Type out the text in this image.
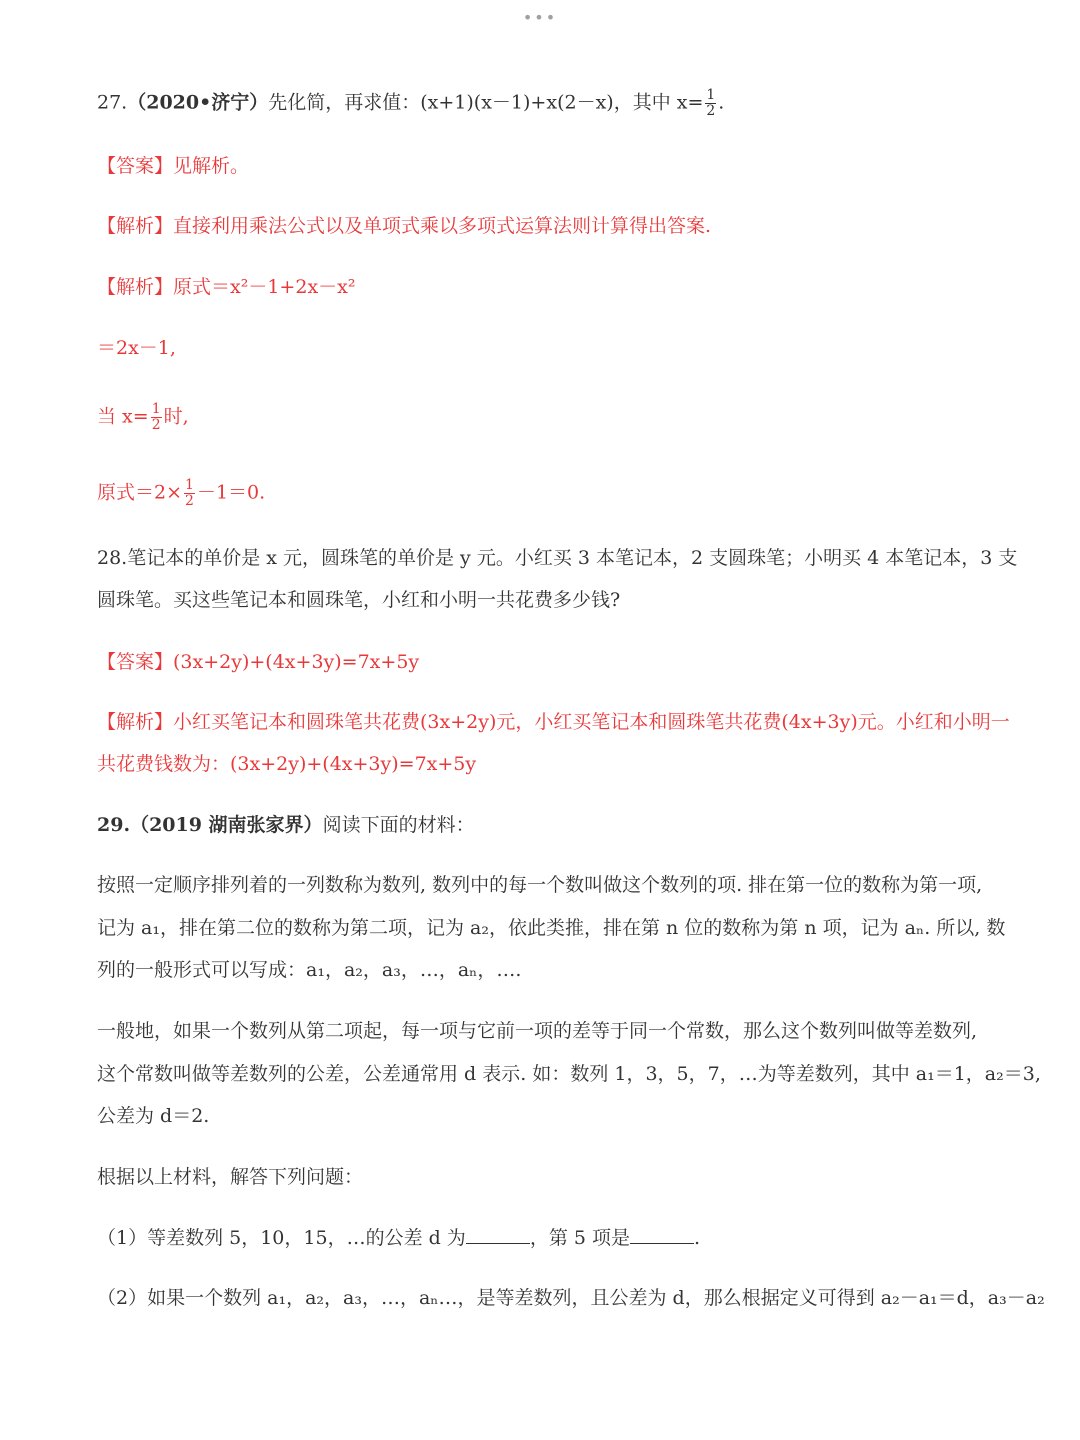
•••
27.（2020•济宁）先化简，再求值：(x+1)(x－1)+x(2－x)，其中 $x= \frac{1}{2}$ .
【答案】见解析。
【解析】直接利用乘法公式以及单项式乘以多项式运算法则计算得出答案.
【解析】原式＝x²－1+2x－x²
＝2x－1,
当 $x= \frac{1}{2}$ 时,
原式$=2\times \frac{1}{2} -1=0$.
28.笔记本的单价是 x 元，圆珠笔的单价是 y 元。小红买 3 本笔记本，2 支圆珠笔；小明买 4 本笔记本，3 支
圆珠笔。买这些笔记本和圆珠笔，小红和小明一共花费多少钱?
【答案】(3x+2y)+(4x+3y)=7x+5y
【解析】小红买笔记本和圆珠笔共花费(3x+2y)元，小红买笔记本和圆珠笔共花费(4x+3y)元。小红和小明一
共花费钱数为：(3x+2y)+(4x+3y)=7x+5y
29.（2019 湖南张家界）阅读下面的材料：
按照一定顺序排列着的一列数称为数列, 数列中的每一个数叫做这个数列的项. 排在第一位的数称为第一项,
记为 a₁，排在第二位的数称为第二项，记为 a₂，依此类推，排在第 n 位的数称为第 n 项，记为 aₙ. 所以, 数
列的一般形式可以写成：a₁，a₂，a₃，…，aₙ，….
一般地，如果一个数列从第二项起，每一项与它前一项的差等于同一个常数，那么这个数列叫做等差数列,
这个常数叫做等差数列的公差，公差通常用 d 表示. 如：数列 1，3，5，7，…为等差数列，其中 a₁＝1，a₂＝3,
公差为 d＝2.
根据以上材料，解答下列问题：
（1）等差数列 5，10，15，…的公差 d 为	，第 5 项是	.
（2）如果一个数列 a₁，a₂，a₃，…，aₙ…，是等差数列，且公差为 d，那么根据定义可得到 a₂－a₁＝d，a₃－a₂
